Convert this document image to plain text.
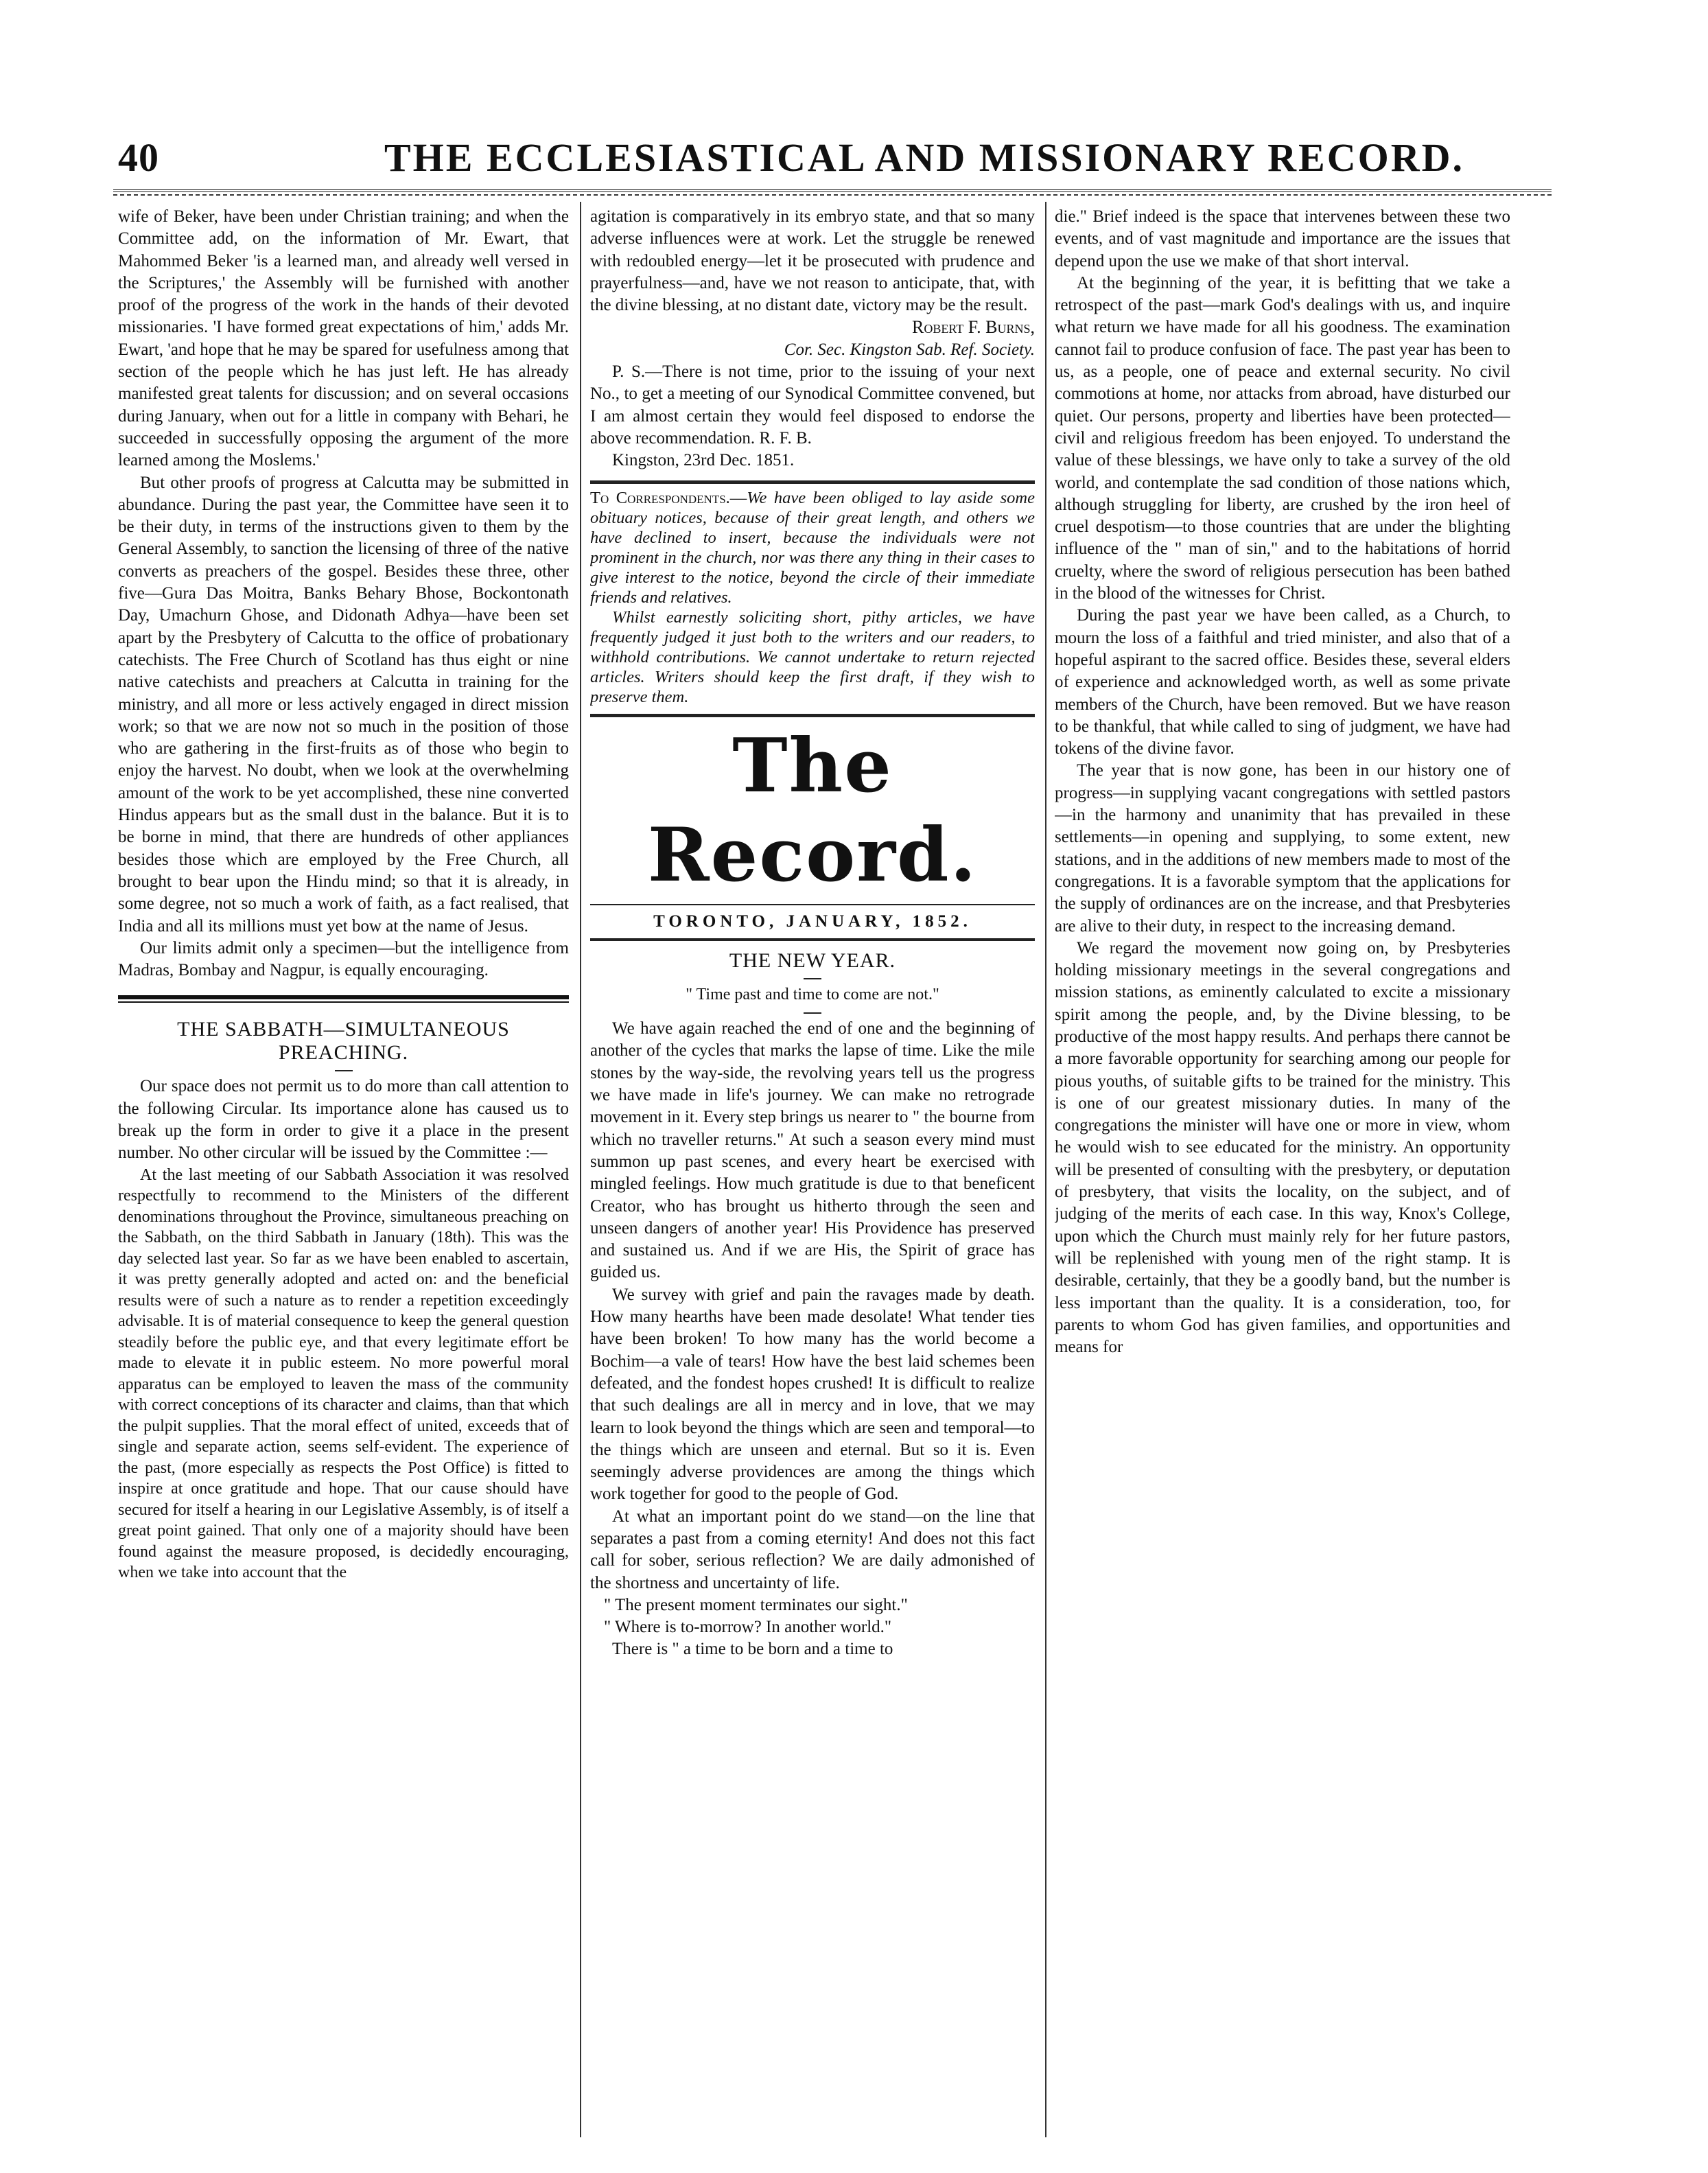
40	THE ECCLESIASTICAL AND MISSIONARY RECORD.

wife of Beker, have been under Christian training; and when the Committee add, on the information of Mr. Ewart, that Mahommed Beker 'is a learned man, and already well versed in the Scriptures,' the Assembly will be furnished with another proof of the progress of the work in the hands of their devoted missionaries. 'I have formed great expectations of him,' adds Mr. Ewart, 'and hope that he may be spared for usefulness among that section of the people which he has just left. He has already manifested great talents for discussion; and on several occasions during January, when out for a little in company with Behari, he succeeded in successfully opposing the argument of the more learned among the Moslems.'

But other proofs of progress at Calcutta may be submitted in abundance. During the past year, the Committee have seen it to be their duty, in terms of the instructions given to them by the General Assembly, to sanction the licensing of three of the native converts as preachers of the gospel. Besides these three, other five—Gura Das Moitra, Banks Behary Bhose, Bockontonath Day, Umachurn Ghose, and Didonath Adhya—have been set apart by the Presbytery of Calcutta to the office of probationary catechists. The Free Church of Scotland has thus eight or nine native catechists and preachers at Calcutta in training for the ministry, and all more or less actively engaged in direct mission work; so that we are now not so much in the position of those who are gathering in the first-fruits as of those who begin to enjoy the harvest. No doubt, when we look at the overwhelming amount of the work to be yet accomplished, these nine converted Hindus appears but as the small dust in the balance. But it is to be borne in mind, that there are hundreds of other appliances besides those which are employed by the Free Church, all brought to bear upon the Hindu mind; so that it is already, in some degree, not so much a work of faith, as a fact realised, that India and all its millions must yet bow at the name of Jesus.

Our limits admit only a specimen—but the intelligence from Madras, Bombay and Nagpur, is equally encouraging.

THE SABBATH—SIMULTANEOUS PREACHING.

Our space does not permit us to do more than call attention to the following Circular. Its importance alone has caused us to break up the form in order to give it a place in the present number. No other circular will be issued by the Committee :—

At the last meeting of our Sabbath Association it was resolved respectfully to recommend to the Ministers of the different denominations throughout the Province, simultaneous preaching on the Sabbath, on the third Sabbath in January (18th). This was the day selected last year. So far as we have been enabled to ascertain, it was pretty generally adopted and acted on: and the beneficial results were of such a nature as to render a repetition exceedingly advisable. It is of material consequence to keep the general question steadily before the public eye, and that every legitimate effort be made to elevate it in public esteem. No more powerful moral apparatus can be employed to leaven the mass of the community with correct conceptions of its character and claims, than that which the pulpit supplies. That the moral effect of united, exceeds that of single and separate action, seems self-evident. The experience of the past, (more especially as respects the Post Office) is fitted to inspire at once gratitude and hope. That our cause should have secured for itself a hearing in our Legislative Assembly, is of itself a great point gained. That only one of a majority should have been found against the measure proposed, is decidedly encouraging, when we take into account that the

agitation is comparatively in its embryo state, and that so many adverse influences were at work. Let the struggle be renewed with redoubled energy—let it be prosecuted with prudence and prayerfulness—and, have we not reason to anticipate, that, with the divine blessing, at no distant date, victory may be the result.

Robert F. Burns,
Cor. Sec. Kingston Sab. Ref. Society.

P. S.—There is not time, prior to the issuing of your next No., to get a meeting of our Synodical Committee convened, but I am almost certain they would feel disposed to endorse the above recommendation. R. F. B.

Kingston, 23rd Dec. 1851.

To Correspondents.—We have been obliged to lay aside some obituary notices, because of their great length, and others we have declined to insert, because the individuals were not prominent in the church, nor was there any thing in their cases to give interest to the notice, beyond the circle of their immediate friends and relatives.

Whilst earnestly soliciting short, pithy articles, we have frequently judged it just both to the writers and our readers, to withhold contributions. We cannot undertake to return rejected articles. Writers should keep the first draft, if they wish to preserve them.

The Record.
TORONTO, JANUARY, 1852.
THE NEW YEAR.
" Time past and time to come are not."

We have again reached the end of one and the beginning of another of the cycles that marks the lapse of time. Like the mile stones by the way-side, the revolving years tell us the progress we have made in life's journey. We can make no retrograde movement in it. Every step brings us nearer to " the bourne from which no traveller returns." At such a season every mind must summon up past scenes, and every heart be exercised with mingled feelings. How much gratitude is due to that beneficent Creator, who has brought us hitherto through the seen and unseen dangers of another year! His Providence has preserved and sustained us. And if we are His, the Spirit of grace has guided us.

We survey with grief and pain the ravages made by death. How many hearths have been made desolate! What tender ties have been broken! To how many has the world become a Bochim—a vale of tears! How have the best laid schemes been defeated, and the fondest hopes crushed! It is difficult to realize that such dealings are all in mercy and in love, that we may learn to look beyond the things which are seen and temporal—to the things which are unseen and eternal. But so it is. Even seemingly adverse providences are among the things which work together for good to the people of God.

At what an important point do we stand—on the line that separates a past from a coming eternity! And does not this fact call for sober, serious reflection? We are daily admonished of the shortness and uncertainty of life.

" The present moment terminates our sight."
" Where is to-morrow? In another world."

There is " a time to be born and a time to

die." Brief indeed is the space that intervenes between these two events, and of vast magnitude and importance are the issues that depend upon the use we make of that short interval.

At the beginning of the year, it is befitting that we take a retrospect of the past—mark God's dealings with us, and inquire what return we have made for all his goodness. The examination cannot fail to produce confusion of face. The past year has been to us, as a people, one of peace and external security. No civil commotions at home, nor attacks from abroad, have disturbed our quiet. Our persons, property and liberties have been protected—civil and religious freedom has been enjoyed. To understand the value of these blessings, we have only to take a survey of the old world, and contemplate the sad condition of those nations which, although struggling for liberty, are crushed by the iron heel of cruel despotism—to those countries that are under the blighting influence of the " man of sin," and to the habitations of horrid cruelty, where the sword of religious persecution has been bathed in the blood of the witnesses for Christ.

During the past year we have been called, as a Church, to mourn the loss of a faithful and tried minister, and also that of a hopeful aspirant to the sacred office. Besides these, several elders of experience and acknowledged worth, as well as some private members of the Church, have been removed. But we have reason to be thankful, that while called to sing of judgment, we have had tokens of the divine favor.

The year that is now gone, has been in our history one of progress—in supplying vacant congregations with settled pastors—in the harmony and unanimity that has prevailed in these settlements—in opening and supplying, to some extent, new stations, and in the additions of new members made to most of the congregations. It is a favorable symptom that the applications for the supply of ordinances are on the increase, and that Presbyteries are alive to their duty, in respect to the increasing demand.

We regard the movement now going on, by Presbyteries holding missionary meetings in the several congregations and mission stations, as eminently calculated to excite a missionary spirit among the people, and, by the Divine blessing, to be productive of the most happy results. And perhaps there cannot be a more favorable opportunity for searching among our people for pious youths, of suitable gifts to be trained for the ministry. This is one of our greatest missionary duties. In many of the congregations the minister will have one or more in view, whom he would wish to see educated for the ministry. An opportunity will be presented of consulting with the presbytery, or deputation of presbytery, that visits the locality, on the subject, and of judging of the merits of each case. In this way, Knox's College, upon which the Church must mainly rely for her future pastors, will be replenished with young men of the right stamp. It is desirable, certainly, that they be a goodly band, but the number is less important than the quality. It is a consideration, too, for parents to whom God has given families, and opportunities and means for
